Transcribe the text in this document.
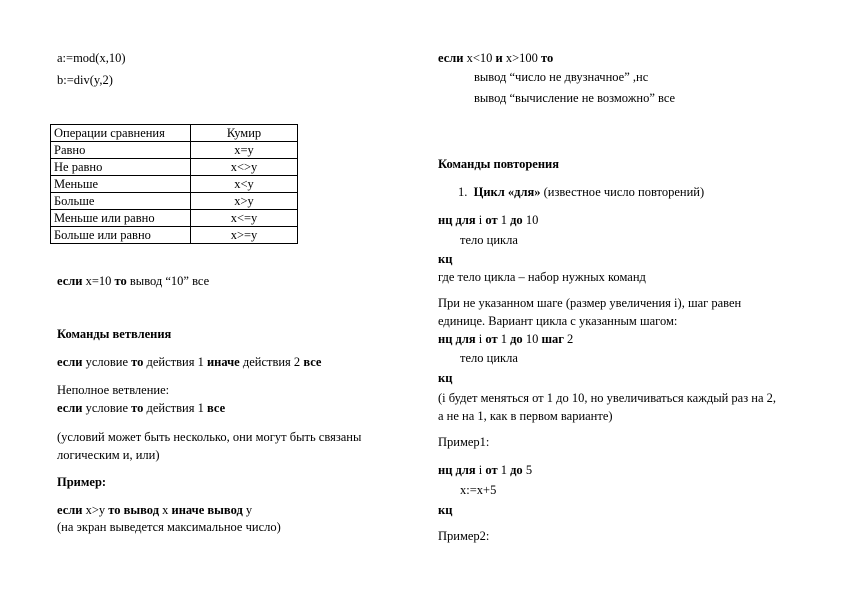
a:=mod(x,10)

b:=div(y,2)

Операции сравнения	Кумир
Равно	x=y
Не равно	x<>y
Меньше	x<y
Больше	x>y
Меньше или равно	x<=y
Больше или равно	x>=y

если x=10 то вывод “10” все

Команды ветвления

если условие то действия 1 иначе действия 2 все

Неполное ветвление:

если условие то действия 1 все

(условий может быть несколько, они могут быть связаны логическим и, или)

Пример:

если x>y то вывод x иначе вывод y

(на экран выведется максимальное число)

если x<10 и x>100 то

вывод “число не двузначное” ,нс

вывод “вычисление не возможно” все

Команды повторения

1. Цикл «для» (известное число повторений)

нц для i от 1 до 10

тело цикла

кц

где тело цикла – набор нужных команд

При не указанном шаге (размер увеличения i), шаг равен единице. Вариант цикла с указанным шагом:

нц для i от 1 до 10 шаг 2

тело цикла

кц

(i будет меняться от 1 до 10, но увеличиваться каждый раз на 2, а не на 1, как в первом варианте)

Пример1:

нц для i от 1 до 5

x:=x+5

кц

Пример2:
